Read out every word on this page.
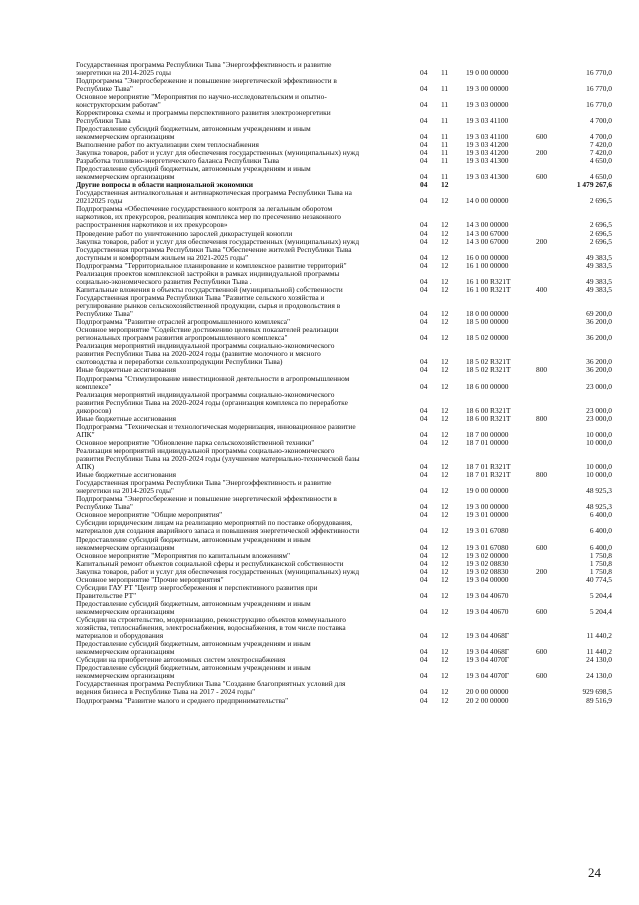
Государственная программа Республики Тыва "Энергоэффективность и развитие
энергетики на 2014-2025 годы	04 11 19 0 00 00000	16 770,0
Подпрограмма "Энергосбережение и повышение энергетической эффективности в
Республике Тыва"	04 11 19 3 00 00000	16 770,0
Основное мероприятие "Мероприятия по научно-исследовательским и опытно-
конструкторским работам"	04 11 19 3 03 00000	16 770,0
Корректировка схемы и программы перспективного развития электроэнергетики
Республики Тыва	04 11 19 3 03 41100	4 700,0
Предоставление субсидий бюджетным, автономным учреждениям и иным
некоммерческим организациям	04 11 19 3 03 41100	600	4 700,0
Выполнение работ по актуализации схем теплоснабжения	04 11 19 3 03 41200	7 420,0
Закупка товаров, работ и услуг для обеспечения государственных (муниципальных) нужд	04 11 19 3 03 41200	200	7 420,0
Разработка топливно-энергетического баланса Республики Тыва	04 11 19 3 03 41300	4 650,0
Предоставление субсидий бюджетным, автономным учреждениям и иным
некоммерческим организациям	04 11 19 3 03 41300	600	4 650,0
Другие вопросы в области национальной экономики	04 12	1 479 267,6
Государственная антиалкогольная и антинаркотическая программа Республики Тыва на
20212025 годы	04 12 14 0 00 00000	2 696,5
Подпрограмма «Обеспечение государственного контроля за легальным оборотом
наркотиков, их прекурсоров, реализация комплекса мер по пресечению незаконного
распространения наркотиков и их прекурсоров»	04 12 14 3 00 00000	2 696,5
Проведение работ по уничтожению зарослей дикорастущей конопли	04 12 14 3 00 67000	2 696,5
Закупка товаров, работ и услуг для обеспечения государственных (муниципальных) нужд	04 12 14 3 00 67000	200	2 696,5
Государственная программа Республики Тыва "Обеспечение жителей Республики Тыва
доступным и комфортным жильем на 2021-2025 годы"	04 12 16 0 00 00000	49 383,5
Подпрограмма "Территориальное планирование и комплексное развитие территорий"	04 12 16 1 00 00000	49 383,5
Реализация проектов комплексной застройки в рамках индивидуальной программы
социально-экономического развития Республики Тыва .	04 12 16 1 00 R321T	49 383,5
Капитальные вложения в объекты государственной (муниципальной) собственности	04 12 16 1 00 R321T	400	49 383,5
Государственная программа Республики Тыва "Развитие сельского хозяйства и
регулирование рынков сельскохозяйственной продукции, сырья и продовольствия в
Республике Тыва"	04 12 18 0 00 00000	69 200,0
Подпрограмма "Развитие отраслей агропромышленного комплекса"	04 12 18 5 00 00000	36 200,0
Основное мероприятие "Содействие достижению целевых показателей реализации
региональных программ развития агропромышленного комплекса"	04 12 18 5 02 00000	36 200,0
Реализация мероприятий индивидуальной программы социально-экономического
развития Республики Тыва на 2020-2024 годы (развитие молочного и мясного
скотоводства и переработки сельхозпродукции Республики Тыва)	04 12 18 5 02 R321T	36 200,0
Иные бюджетные ассигнования	04 12 18 5 02 R321T	800	36 200,0
Подпрограмма "Стимулирование инвестиционной деятельности в агропромышленном
комплексе"	04 12 18 6 00 00000	23 000,0
Реализация мероприятий индивидуальной программы социально-экономического
развития Республики Тыва на 2020-2024 годы (организация комплекса по переработке
дикоросов)	04 12 18 6 00 R321T	23 000,0
Иные бюджетные ассигнования	04 12 18 6 00 R321T	800	23 000,0
Подпрограмма "Техническая и технологическая модернизация, инновационное развитие
АПК"	04 12 18 7 00 00000	10 000,0
Основное мероприятие "Обновление парка сельскохозяйственной техники"	04 12 18 7 01 00000	10 000,0
Реализация мероприятий индивидуальной программы социально-экономического
развития Республики Тыва на 2020-2024 годы (улучшение материально-технической базы
АПК)	04 12 18 7 01 R321T	10 000,0
Иные бюджетные ассигнования	04 12 18 7 01 R321T	800	10 000,0
Государственная программа Республики Тыва "Энергоэффективность и развитие
энергетики на 2014-2025 годы"	04 12 19 0 00 00000	48 925,3
Подпрограмма "Энергосбережение и повышение энергетической эффективности в
Республике Тыва"	04 12 19 3 00 00000	48 925,3
Основное мероприятие "Общие мероприятия"	04 12 19 3 01 00000	6 400,0
Субсидии юридическим лицам на реализацию мероприятий по поставке оборудования,
материалов для создания аварийного запаса и повышения энергетической эффективности	04 12 19 3 01 67080	6 400,0
Предоставление субсидий бюджетным, автономным учреждениям и иным
некоммерческим организациям	04 12 19 3 01 67080	600	6 400,0
Основное мероприятие "Мероприятия по капитальным вложениям"	04 12 19 3 02 00000	1 750,8
Капитальный ремонт объектов социальной сферы и республиканской собственности	04 12 19 3 02 08830	1 750,8
Закупка товаров, работ и услуг для обеспечения государственных (муниципальных) нужд	04 12 19 3 02 08830	200	1 750,8
Основное мероприятие "Прочие мероприятия"	04 12 19 3 04 00000	40 774,5
Субсидии ГАУ РТ "Центр энергосбережения и перспективного развития при
Правительстве РТ"	04 12 19 3 04 40670	5 204,4
Предоставление субсидий бюджетным, автономным учреждениям и иным
некоммерческим организациям	04 12 19 3 04 40670	600	5 204,4
Субсидии на строительство, модернизацию, реконструкцию объектов коммунального
хозяйства, теплоснабжения, электроснабжения, водоснабжения, в том числе поставка
материалов и оборудования	04 12 19 3 04 4068Г	11 440,2
Предоставление субсидий бюджетным, автономным учреждениям и иным
некоммерческим организациям	04 12 19 3 04 4068Г	600	11 440,2
Субсидии на приобретение автономных систем электроснабжения	04 12 19 3 04 4070Г	24 130,0
Предоставление субсидий бюджетным, автономным учреждениям и иным
некоммерческим организациям	04 12 19 3 04 4070Г	600	24 130,0
Государственная программа Республики Тыва "Создание благоприятных условий для
ведения бизнеса в Республике Тыва на 2017 - 2024 годы"	04 12 20 0 00 00000	929 698,5
Подпрограмма "Развитие малого и среднего предпринимательства"	04 12 20 2 00 00000	89 516,9
24
